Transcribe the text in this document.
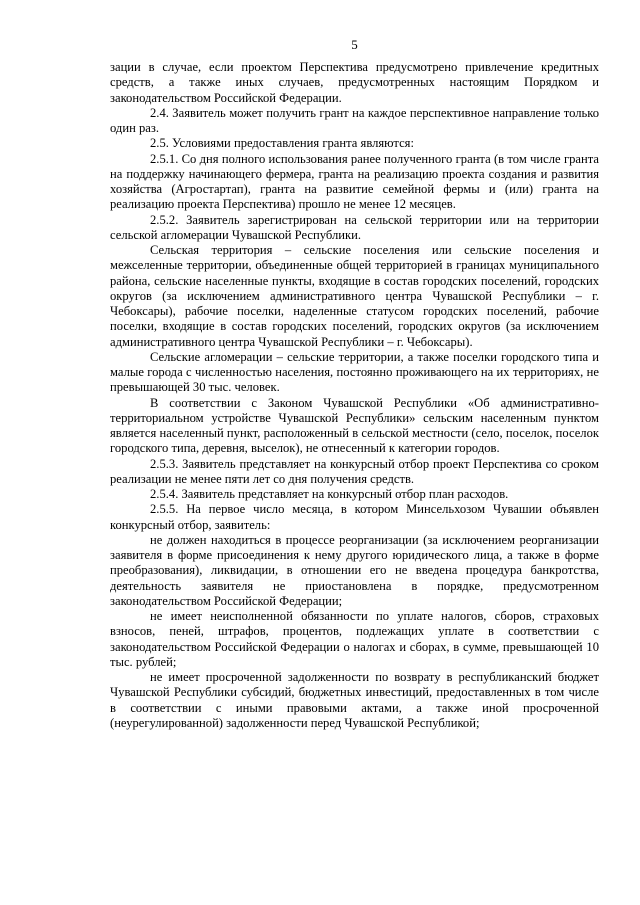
5

зации в случае, если проектом Перспектива предусмотрено привлечение кредитных средств, а также иных случаев, предусмотренных настоящим Порядком и законодательством Российской Федерации.

2.4. Заявитель может получить грант на каждое перспективное направление только один раз.

2.5. Условиями предоставления гранта являются:

2.5.1. Со дня полного использования ранее полученного гранта (в том числе гранта на поддержку начинающего фермера, гранта на реализацию проекта создания и развития хозяйства (Агростартап), гранта на развитие семейной фермы и (или) гранта на реализацию проекта Перспектива) прошло не менее 12 месяцев.

2.5.2. Заявитель зарегистрирован на сельской территории или на территории сельской агломерации Чувашской Республики.

Сельская территория – сельские поселения или сельские поселения и межселенные территории, объединенные общей территорией в границах муниципального района, сельские населенные пункты, входящие в состав городских поселений, городских округов (за исключением административного центра Чувашской Республики – г. Чебоксары), рабочие поселки, наделенные статусом городских поселений, рабочие поселки, входящие в состав городских поселений, городских округов (за исключением административного центра Чувашской Республики – г. Чебоксары).

Сельские агломерации – сельские территории, а также поселки городского типа и малые города с численностью населения, постоянно проживающего на их территориях, не превышающей 30 тыс. человек.

В соответствии с Законом Чувашской Республики «Об административно-территориальном устройстве Чувашской Республики» сельским населенным пунктом является населенный пункт, расположенный в сельской местности (село, поселок, поселок городского типа, деревня, выселок), не отнесенный к категории городов.

2.5.3. Заявитель представляет на конкурсный отбор проект Перспектива со сроком реализации не менее пяти лет со дня получения средств.

2.5.4. Заявитель представляет на конкурсный отбор план расходов.

2.5.5. На первое число месяца, в котором Минсельхозом Чувашии объявлен конкурсный отбор, заявитель:

не должен находиться в процессе реорганизации (за исключением реорганизации заявителя в форме присоединения к нему другого юридического лица, а также в форме преобразования), ликвидации, в отношении его не введена процедура банкротства, деятельность заявителя не приостановлена в порядке, предусмотренном законодательством Российской Федерации;

не имеет неисполненной обязанности по уплате налогов, сборов, страховых взносов, пеней, штрафов, процентов, подлежащих уплате в соответствии с законодательством Российской Федерации о налогах и сборах, в сумме, превышающей 10 тыс. рублей;

не имеет просроченной задолженности по возврату в республиканский бюджет Чувашской Республики субсидий, бюджетных инвестиций, предоставленных в том числе в соответствии с иными правовыми актами, а также иной просроченной (неурегулированной) задолженности перед Чувашской Республикой;
